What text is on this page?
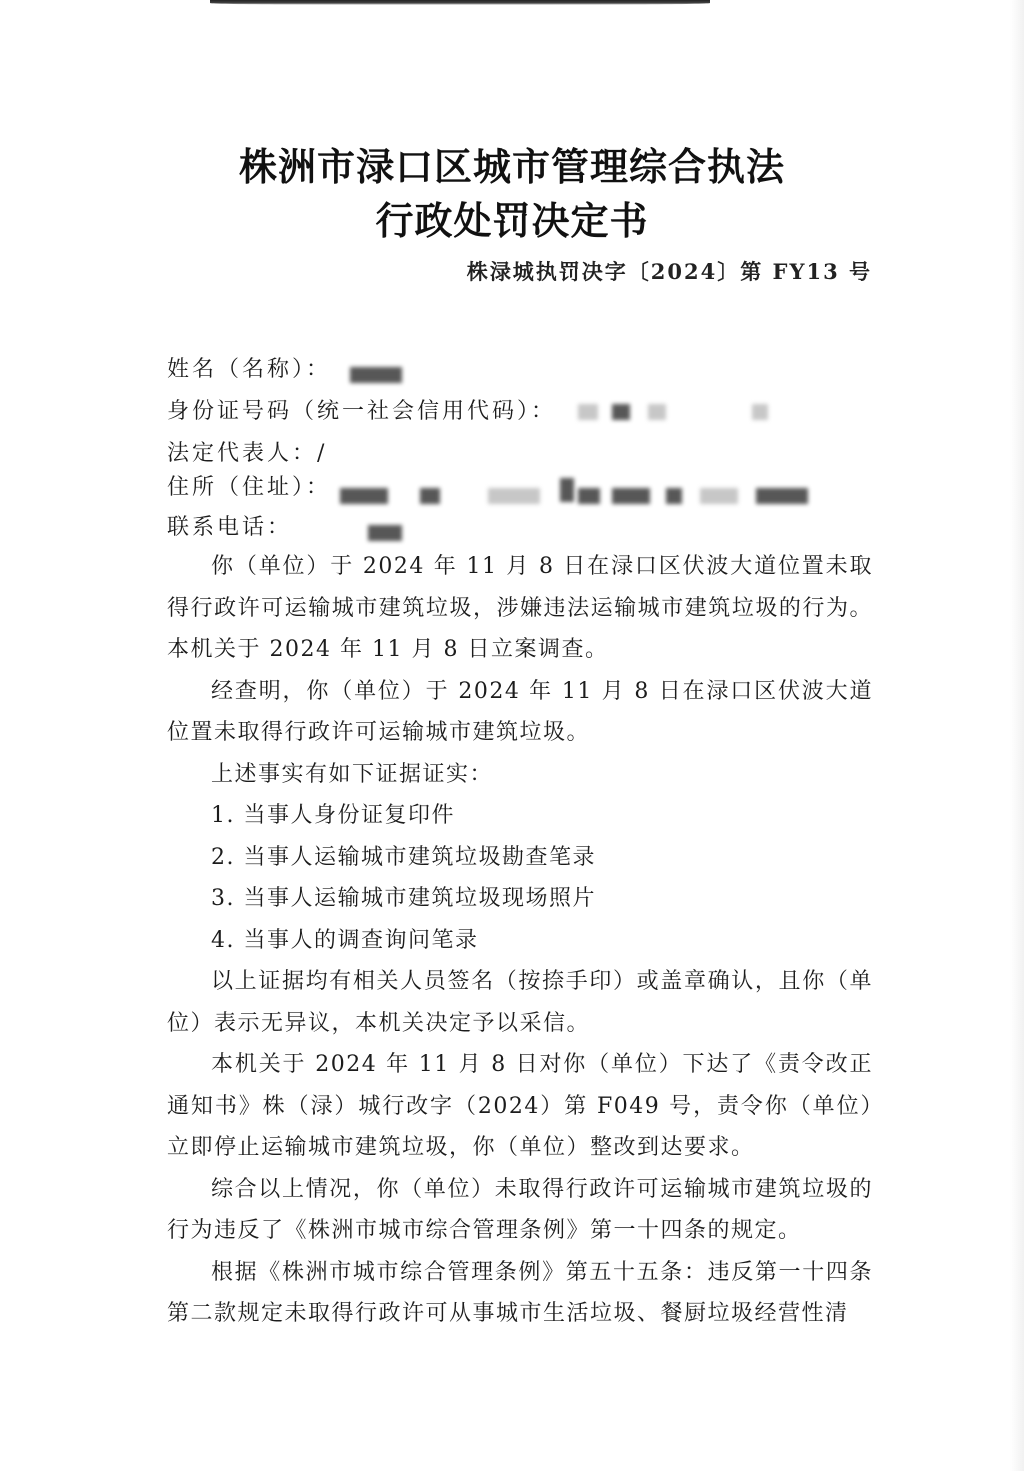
株洲市渌口区城市管理综合执法
行政处罚决定书
株渌城执罚决字〔2024〕第 FY13 号
姓名（名称）：
身份证号码（统一社会信用代码）：
法定代表人：/
住所（住址）：
联系电话：

你（单位）于 2024 年 11 月 8 日在渌口区伏波大道位置未取得行政许可运输城市建筑垃圾，涉嫌违法运输城市建筑垃圾的行为。本机关于 2024 年 11 月 8 日立案调查。

经查明，你（单位）于 2024 年 11 月 8 日在渌口区伏波大道位置未取得行政许可运输城市建筑垃圾。

上述事实有如下证据证实：

1. 当事人身份证复印件

2. 当事人运输城市建筑垃圾勘查笔录

3. 当事人运输城市建筑垃圾现场照片

4. 当事人的调查询问笔录

以上证据均有相关人员签名（按捺手印）或盖章确认，且你（单位）表示无异议，本机关决定予以采信。

本机关于 2024 年 11 月 8 日对你（单位）下达了《责令改正通知书》株（渌）城行改字（2024）第 F049 号，责令你（单位）立即停止运输城市建筑垃圾，你（单位）整改到达要求。

综合以上情况，你（单位）未取得行政许可运输城市建筑垃圾的行为违反了《株洲市城市综合管理条例》第一十四条的规定。

根据《株洲市城市综合管理条例》第五十五条：违反第一十四条第二款规定未取得行政许可从事城市生活垃圾、餐厨垃圾经营性清
